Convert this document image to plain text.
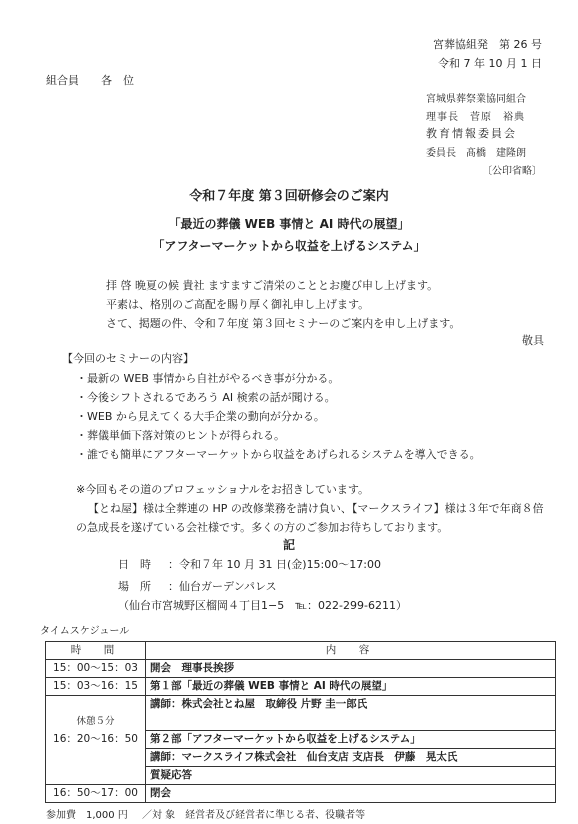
宮葬協組発　第 26 号
令和 7 年 10 月 1 日
組合員　　各　位
宮城県葬祭業協同組合
理事長　菅原　裕典
教育情報委員会
委員長　髙橋　建隆朗
〔公印省略〕
令和７年度 第３回研修会のご案内
「最近の葬儀 WEB 事情と AI 時代の展望」
「アフターマーケットから収益を上げるシステム」
拝 啓 晩夏の候 貴社 ますますご清栄のこととお慶び申し上げます。
平素は、格別のご高配を賜り厚く御礼申し上げます。
さて、掲題の件、令和７年度 第３回セミナーのご案内を申し上げます。
敬具
【今回のセミナーの内容】
・最新の WEB 事情から自社がやるべき事が分かる。
・今後シフトされるであろう AI 検索の話が聞ける。
・WEB から見えてくる大手企業の動向が分かる。
・葬儀単価下落対策のヒントが得られる。
・誰でも簡単にアフターマーケットから収益をあげられるシステムを導入できる。
※今回もその道のプロフェッショナルをお招きしています。
【とね屋】様は全葬連の HP の改修業務を請け負い、【マークスライフ】様は３年で年商８倍
の急成長を遂げている会社様です。多くの方のご参加お待ちしております。
記
日　時 ：令和７年 10 月 31 日(金)15:00～17:00
場　所 ：仙台ガーデンパレス
（仙台市宮城野区榴岡４丁目1−5　℡：022‐299‐6211）
タイムスケジュール
時　間	内　容
15：00～15：03	開会　理事長挨拶
15：03～16：15	第１部「最近の葬儀 WEB 事情と AI 時代の展望」
	講師：株式会社とね屋　取締役 片野 圭一郎氏
休憩５分	
16：20～16：50	第２部「アフターマーケットから収益を上げるシステム」
	講師：マークスライフ株式会社　仙台支店 支店長　伊藤　晃太氏
	質疑応答
16：50～17：00	閉会
参加費　1,000 円 ／対 象　経営者及び経営者に準じる者、役職者等
